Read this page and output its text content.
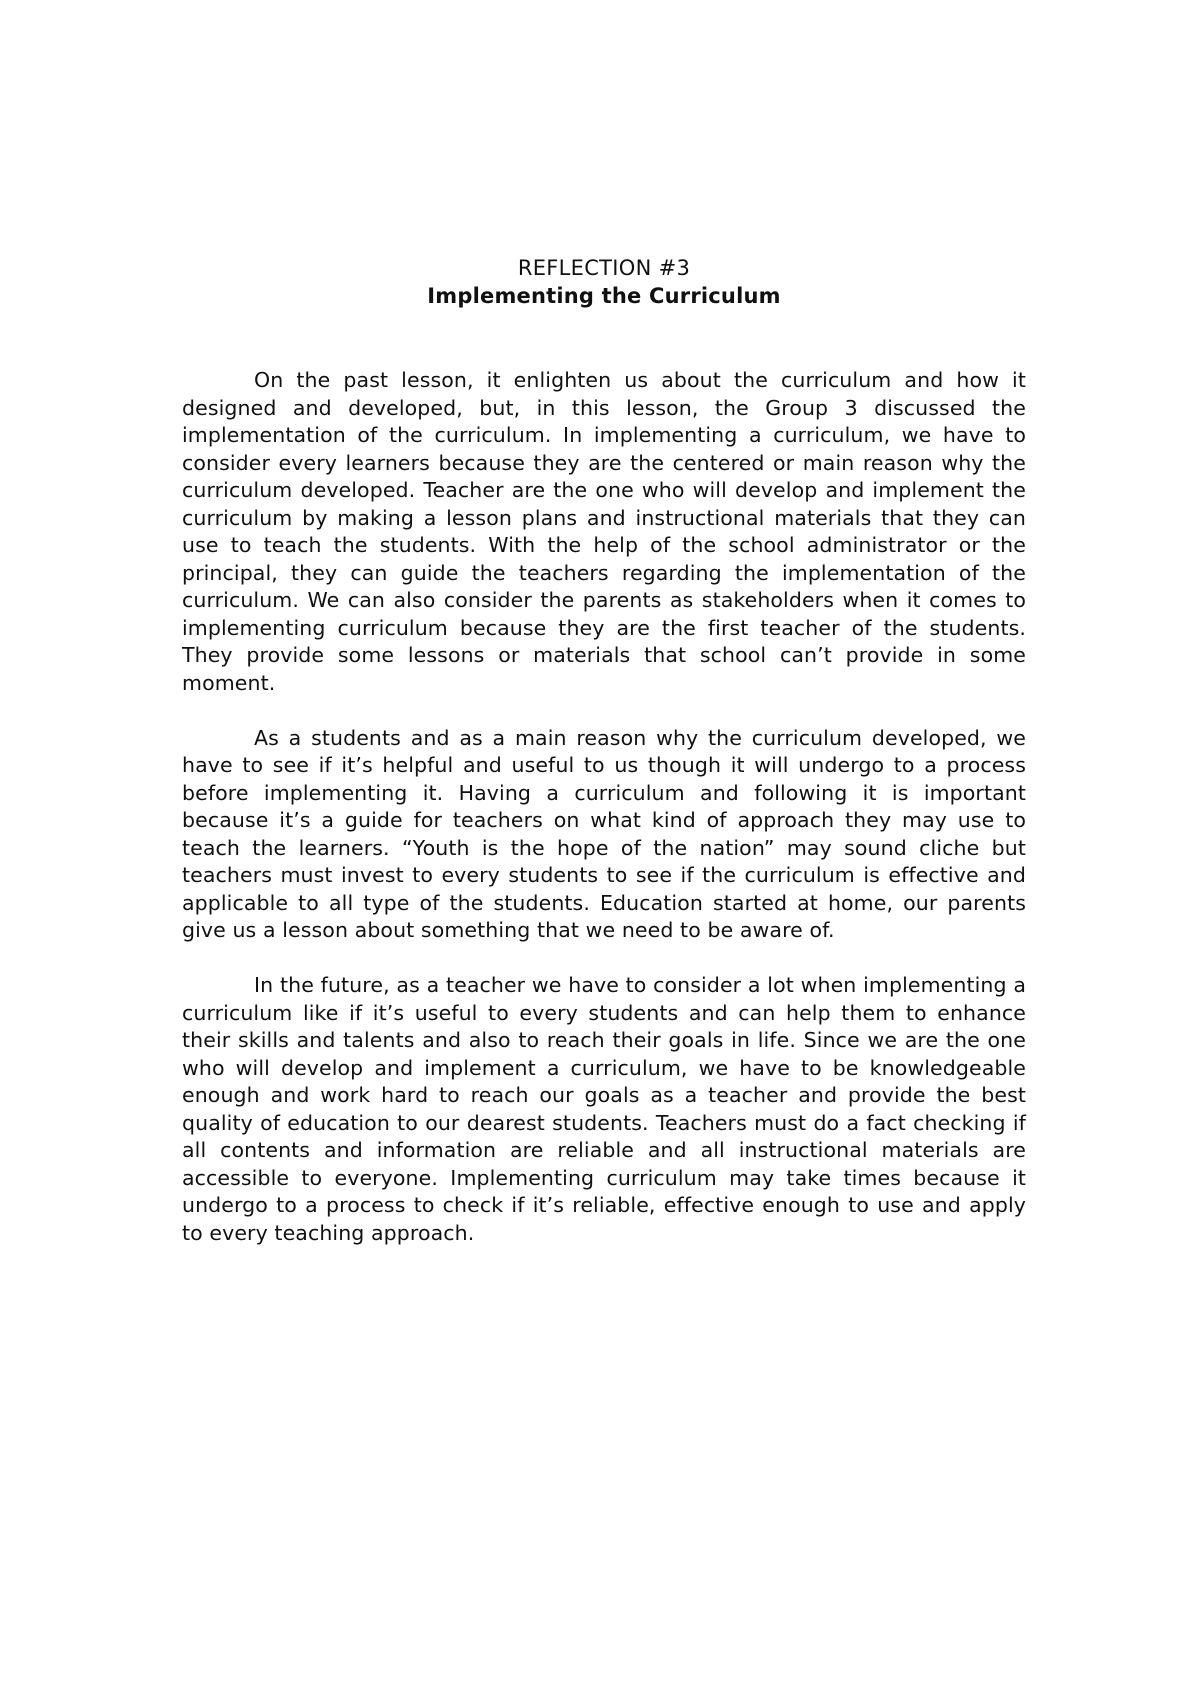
REFLECTION #3

Implementing the Curriculum

On the past lesson, it enlighten us about the curriculum and how it designed and developed, but, in this lesson, the Group 3 discussed the implementation of the curriculum. In implementing a curriculum, we have to consider every learners because they are the centered or main reason why the curriculum developed. Teacher are the one who will develop and implement the curriculum by making a lesson plans and instructional materials that they can use to teach the students. With the help of the school administrator or the principal, they can guide the teachers regarding the implementation of the curriculum. We can also consider the parents as stakeholders when it comes to implementing curriculum because they are the first teacher of the students. They provide some lessons or materials that school can’t provide in some moment.

As a students and as a main reason why the curriculum developed, we have to see if it’s helpful and useful to us though it will undergo to a process before implementing it. Having a curriculum and following it is important because it’s a guide for teachers on what kind of approach they may use to teach the learners. “Youth is the hope of the nation” may sound cliche but teachers must invest to every students to see if the curriculum is effective and applicable to all type of the students. Education started at home, our parents give us a lesson about something that we need to be aware of.

In the future, as a teacher we have to consider a lot when implementing a curriculum like if it’s useful to every students and can help them to enhance their skills and talents and also to reach their goals in life. Since we are the one who will develop and implement a curriculum, we have to be knowledgeable enough and work hard to reach our goals as a teacher and provide the best quality of education to our dearest students. Teachers must do a fact checking if all contents and information are reliable and all instructional materials are accessible to everyone. Implementing curriculum may take times because it undergo to a process to check if it’s reliable, effective enough to use and apply to every teaching approach.
